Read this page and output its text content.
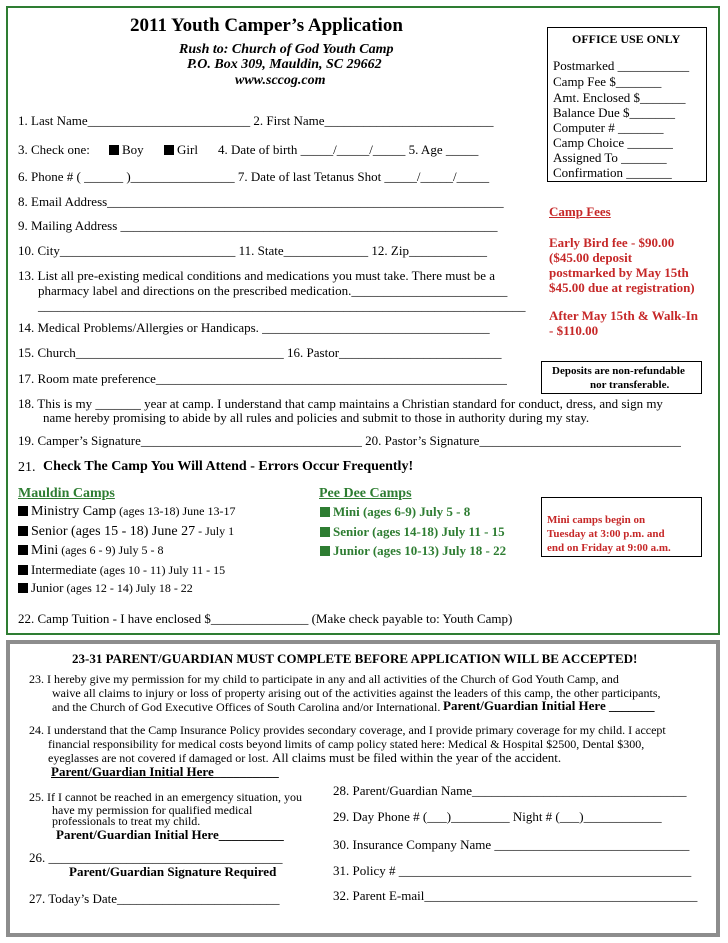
2011 Youth Camper’s Application
Rush to: Church of God Youth Camp
P.O. Box 309, Mauldin, SC 29662
www.sccog.com
OFFICE USE ONLY
Postmarked ___________
Camp Fee $_______
Amt. Enclosed $_______
Balance Due $_______
Computer # _______
Camp Choice _______
Assigned To _______
Confirmation _______
1. Last Name_________________________ 2. First Name__________________________
3. Check one:	Boy	Girl 4. Date of birth _____/_____/_____ 5. Age _____
6. Phone # ( ______ )________________ 7. Date of last Tetanus Shot _____/_____/_____
8. Email Address_____________________________________________________________
9. Mailing Address __________________________________________________________
10. City___________________________ 11. State_____________ 12. Zip____________
13. List all pre-existing medical conditions and medications you must take. There must be a
pharmacy label and directions on the prescribed medication.________________________
___________________________________________________________________________
14. Medical Problems/Allergies or Handicaps. ___________________________________
15. Church________________________________ 16. Pastor_________________________
17. Room mate preference______________________________________________________
18. This is my _______ year at camp. I understand that camp maintains a Christian standard for conduct, dress, and sign my
name hereby promising to abide by all rules and policies and submit to those in authority during my stay.
19. Camper’s Signature__________________________________ 20. Pastor’s Signature_______________________________
21. Check The Camp You Will Attend - Errors Occur Frequently!
Camp Fees
Early Bird fee - $90.00
($45.00 deposit
postmarked by May 15th
$45.00 due at registration)
After May 15th & Walk-In
- $110.00
Deposits are non-refundable
nor transferable.
Mauldin Camps
Ministry Camp (ages 13-18) June 13-17
Senior (ages 15 - 18) June 27 - July 1
Mini (ages 6 - 9) July 5 - 8
Intermediate (ages 10 - 11) July 11 - 15
Junior (ages 12 - 14) July 18 - 22
Pee Dee Camps
Mini (ages 6-9) July 5 - 8
Senior (ages 14-18) July 11 - 15
Junior (ages 10-13) July 18 - 22
Mini camps begin on
Tuesday at 3:00 p.m. and
end on Friday at 9:00 a.m.
22. Camp Tuition - I have enclosed $_______________ (Make check payable to: Youth Camp)
23-31 PARENT/GUARDIAN MUST COMPLETE BEFORE APPLICATION WILL BE ACCEPTED!
23. I hereby give my permission for my child to participate in any and all activities of the Church of God Youth Camp, and
waive all claims to injury or loss of property arising out of the activities against the leaders of this camp, the other participants,
and the Church of God Executive Offices of South Carolina and/or International. Parent/Guardian Initial Here _______
24. I understand that the Camp Insurance Policy provides secondary coverage, and I provide primary coverage for my child. I accept
financial responsibility for medical costs beyond limits of camp policy stated here: Medical & Hospital $2500, Dental $300,
eyeglasses are not covered if damaged or lost. All claims must be filed within the year of the accident.
Parent/Guardian Initial Here__________
25. If I cannot be reached in an emergency situation, you
have my permission for qualified medical
professionals to treat my child.
Parent/Guardian Initial Here__________
26. ____________________________________
Parent/Guardian Signature Required
27. Today’s Date_________________________
28. Parent/Guardian Name_________________________________
29. Day Phone # (___)_________ Night # (___)____________
30. Insurance Company Name ______________________________
31. Policy # _____________________________________________
32. Parent E-mail__________________________________________
